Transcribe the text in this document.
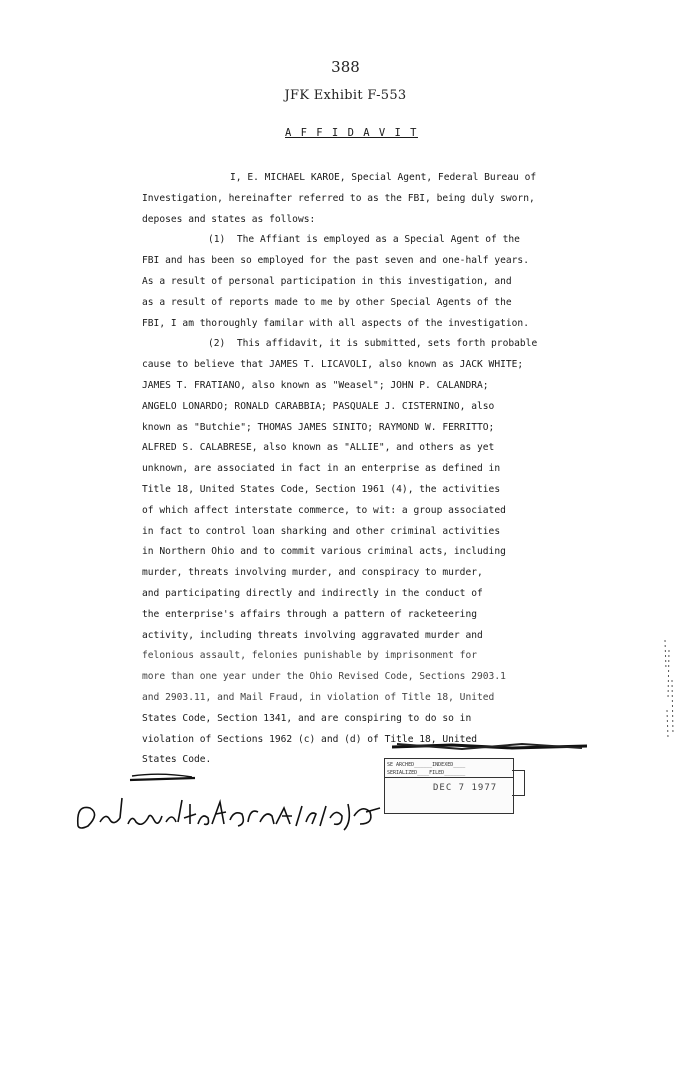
388
JFK Exhibit F-553
A F F I D A V I T
I, E. MICHAEL KAROE, Special Agent, Federal Bureau of
Investigation, hereinafter referred to as the FBI, being duly sworn,
deposes and states as follows:
(1)  The Affiant is employed as a Special Agent of the
FBI and has been so employed for the past seven and one-half years.
As a result of personal participation in this investigation, and
as a result of reports made to me by other Special Agents of the
FBI, I am thoroughly familar with all aspects of the investigation.
(2)  This affidavit, it is submitted, sets forth probable
cause to believe that JAMES T. LICAVOLI, also known as JACK WHITE;
JAMES T. FRATIANO, also known as "Weasel"; JOHN P. CALANDRA;
ANGELO LONARDO; RONALD CARABBIA; PASQUALE J. CISTERNINO, also
known as "Butchie"; THOMAS JAMES SINITO; RAYMOND W. FERRITTO;
ALFRED S. CALABRESE, also known as "ALLIE", and others as yet
unknown, are associated in fact in an enterprise as defined in
Title 18, United States Code, Section 1961 (4), the activities
of which affect interstate commerce, to wit: a group associated
in fact to control loan sharking and other criminal activities
in Northern Ohio and to commit various criminal acts, including
murder, threats involving murder, and conspiracy to murder,
and participating directly and indirectly in the conduct of
the enterprise's affairs through a pattern of racketeering
activity, including threats involving aggravated murder and
felonious assault, felonies punishable by imprisonment for
more than one year under the Ohio Revised Code, Sections 2903.1
and 2903.11, and Mail Fraud, in violation of Title 18, United
States Code, Section 1341, and are conspiring to do so in
violation of Sections 1962 (c) and (d) of Title 18, United
States Code.	SE ARCHED______INDEXED____
SERIALIZED____FILED_______
DEC 7 1977
